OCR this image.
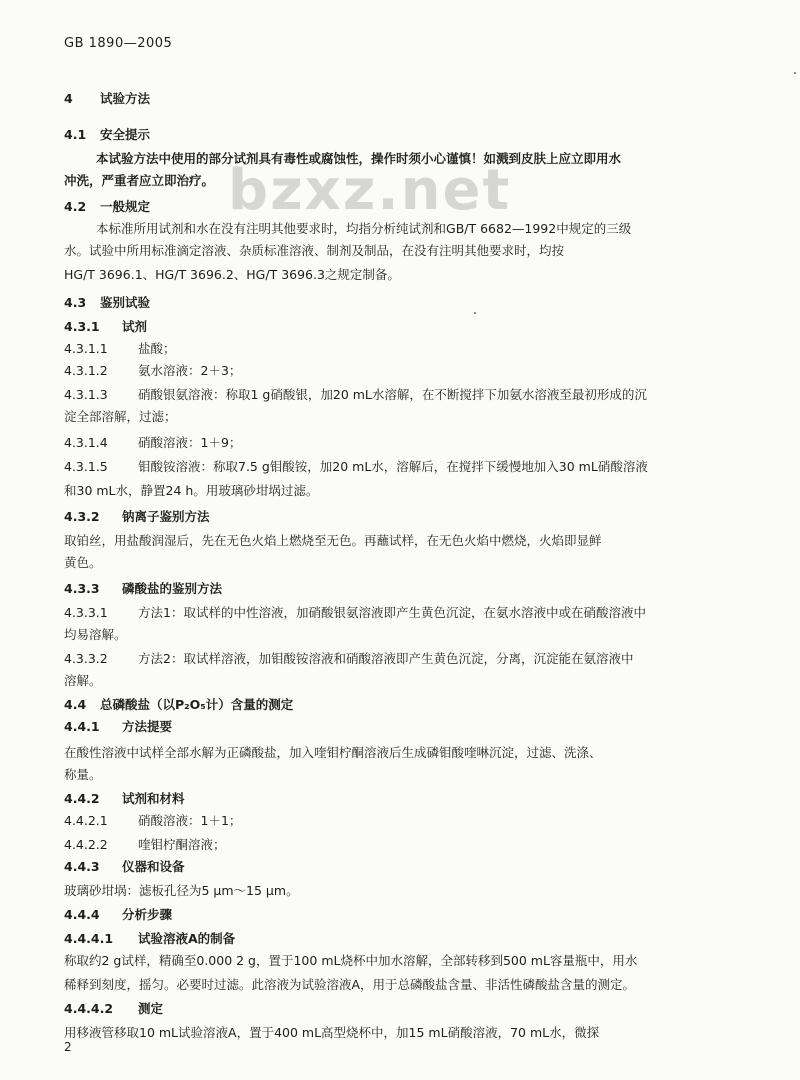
GB 1890—2005
bzxz.net
4 试验方法
4.1 安全提示
本试验方法中使用的部分试剂具有毒性或腐蚀性，操作时须小心谨慎！如溅到皮肤上应立即用水
冲洗，严重者应立即治疗。
4.2 一般规定
本标准所用试剂和水在没有注明其他要求时，均指分析纯试剂和GB/T 6682—1992中规定的三级
水。试验中所用标准滴定溶液、杂质标准溶液、制剂及制品，在没有注明其他要求时，均按
HG/T 3696.1、HG/T 3696.2、HG/T 3696.3之规定制备。
4.3 鉴别试验
4.3.1 试剂
4.3.1.1 盐酸；
4.3.1.2 氨水溶液：2＋3；
4.3.1.3 硝酸银氨溶液：称取1 g硝酸银，加20 mL水溶解，在不断搅拌下加氨水溶液至最初形成的沉
淀全部溶解，过滤；
4.3.1.4 硝酸溶液：1＋9；
4.3.1.5 钼酸铵溶液：称取7.5 g钼酸铵，加20 mL水，溶解后，在搅拌下缓慢地加入30 mL硝酸溶液
和30 mL水，静置24 h。用玻璃砂坩埚过滤。
4.3.2 钠离子鉴别方法
取铂丝，用盐酸润湿后，先在无色火焰上燃烧至无色。再蘸试样，在无色火焰中燃烧，火焰即显鲜
黄色。
4.3.3 磷酸盐的鉴别方法
4.3.3.1 方法1：取试样的中性溶液，加硝酸银氨溶液即产生黄色沉淀，在氨水溶液中或在硝酸溶液中
均易溶解。
4.3.3.2 方法2：取试样溶液，加钼酸铵溶液和硝酸溶液即产生黄色沉淀，分离，沉淀能在氨溶液中
溶解。
4.4 总磷酸盐（以P₂O₅计）含量的测定
4.4.1 方法提要
在酸性溶液中试样全部水解为正磷酸盐，加入喹钼柠酮溶液后生成磷钼酸喹啉沉淀，过滤、洗涤、
称量。
4.4.2 试剂和材料
4.4.2.1 硝酸溶液：1＋1；
4.4.2.2 喹钼柠酮溶液；
4.4.3 仪器和设备
玻璃砂坩埚：滤板孔径为5 μm～15 μm。
4.4.4 分析步骤
4.4.4.1 试验溶液A的制备
称取约2 g试样，精确至0.000 2 g，置于100 mL烧杯中加水溶解，全部转移到500 mL容量瓶中，用水
稀释到刻度，摇匀。必要时过滤。此溶液为试验溶液A，用于总磷酸盐含量、非活性磷酸盐含量的测定。
4.4.4.2 测定
用移液管移取10 mL试验溶液A，置于400 mL高型烧杯中，加15 mL硝酸溶液，70 mL水，微探
2
